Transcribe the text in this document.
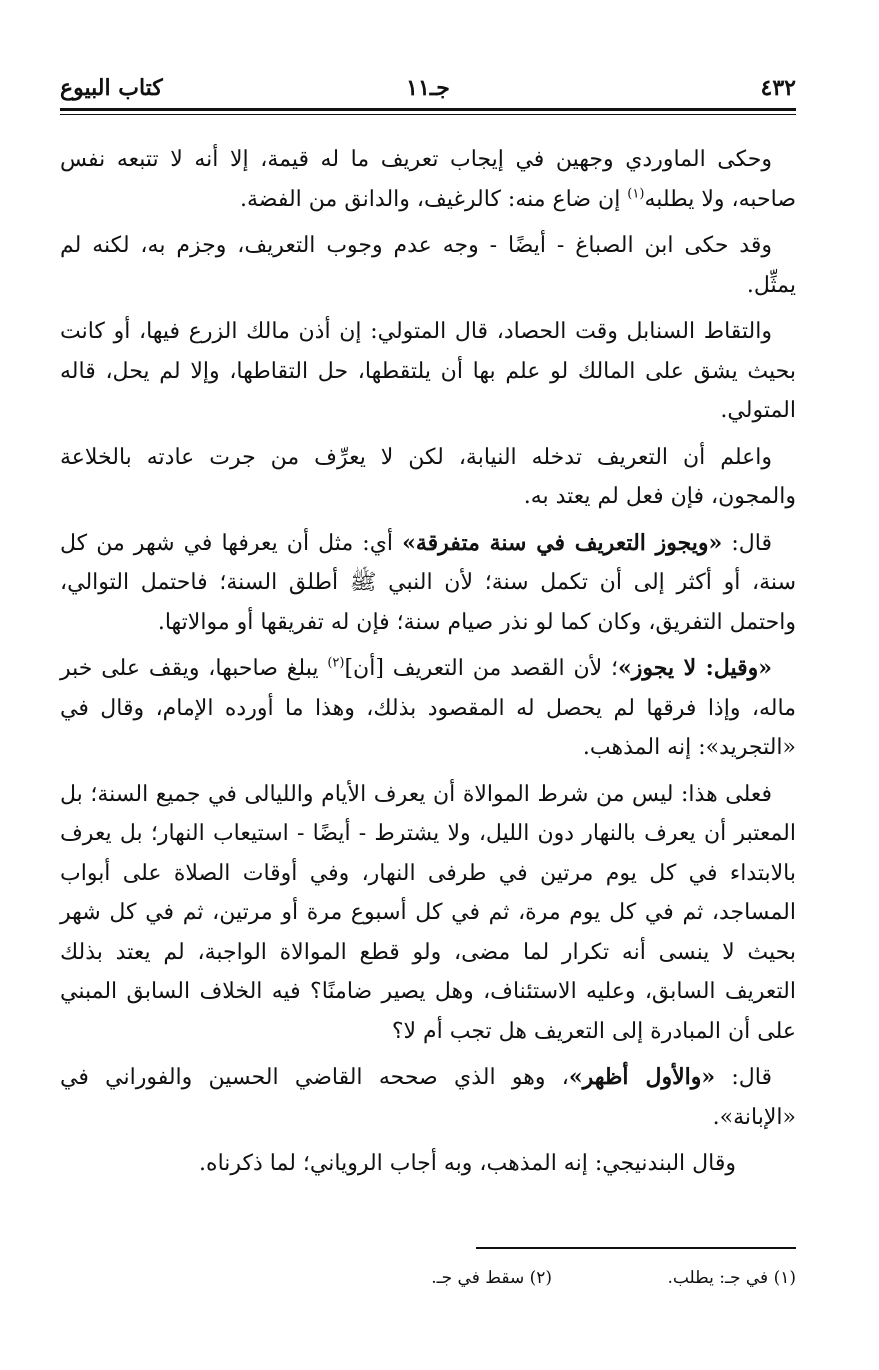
٤٣٢
جـ١١
كتاب البيوع

وحكى الماوردي وجهين في إيجاب تعريف ما له قيمة، إلا أنه لا تتبعه نفس صاحبه، ولا يطلبه$^{(١)}$ إن ضاع منه: كالرغيف، والدانق من الفضة.

وقد حكى ابن الصباغ - أيضًا - وجه عدم وجوب التعريف، وجزم به، لكنه لم يمثِّل.

والتقاط السنابل وقت الحصاد، قال المتولي: إن أذن مالك الزرع فيها، أو كانت بحيث يشق على المالك لو علم بها أن يلتقطها، حل التقاطها، وإلا لم يحل، قاله المتولي.

واعلم أن التعريف تدخله النيابة، لكن لا يعرِّف من جرت عادته بالخلاعة والمجون، فإن فعل لم يعتد به.

قال: «ويجوز التعريف في سنة متفرقة» أي: مثل أن يعرفها في شهر من كل سنة، أو أكثر إلى أن تكمل سنة؛ لأن النبي ﷺ أطلق السنة؛ فاحتمل التوالي، واحتمل التفريق، وكان كما لو نذر صيام سنة؛ فإن له تفريقها أو موالاتها.

«وقيل: لا يجوز»؛ لأن القصد من التعريف [أن]$^{(٢)}$ يبلغ صاحبها، ويقف على خبر ماله، وإذا فرقها لم يحصل له المقصود بذلك، وهذا ما أورده الإمام، وقال في «التجريد»: إنه المذهب.

فعلى هذا: ليس من شرط الموالاة أن يعرف الأيام والليالى في جميع السنة؛ بل المعتبر أن يعرف بالنهار دون الليل، ولا يشترط - أيضًا - استيعاب النهار؛ بل يعرف بالابتداء في كل يوم مرتين في طرفى النهار، وفي أوقات الصلاة على أبواب المساجد، ثم في كل يوم مرة، ثم في كل أسبوع مرة أو مرتين، ثم في كل شهر بحيث لا ينسى أنه تكرار لما مضى، ولو قطع الموالاة الواجبة، لم يعتد بذلك التعريف السابق، وعليه الاستئناف، وهل يصير ضامنًا؟ فيه الخلاف السابق المبني على أن المبادرة إلى التعريف هل تجب أم لا؟

قال: «والأول أظهر»، وهو الذي صححه القاضي الحسين والفوراني في «الإبانة».

وقال البندنيجي: إنه المذهب، وبه أجاب الروياني؛ لما ذكرناه.

(١) في جـ: يطلب. (٢) سقط في جـ.
